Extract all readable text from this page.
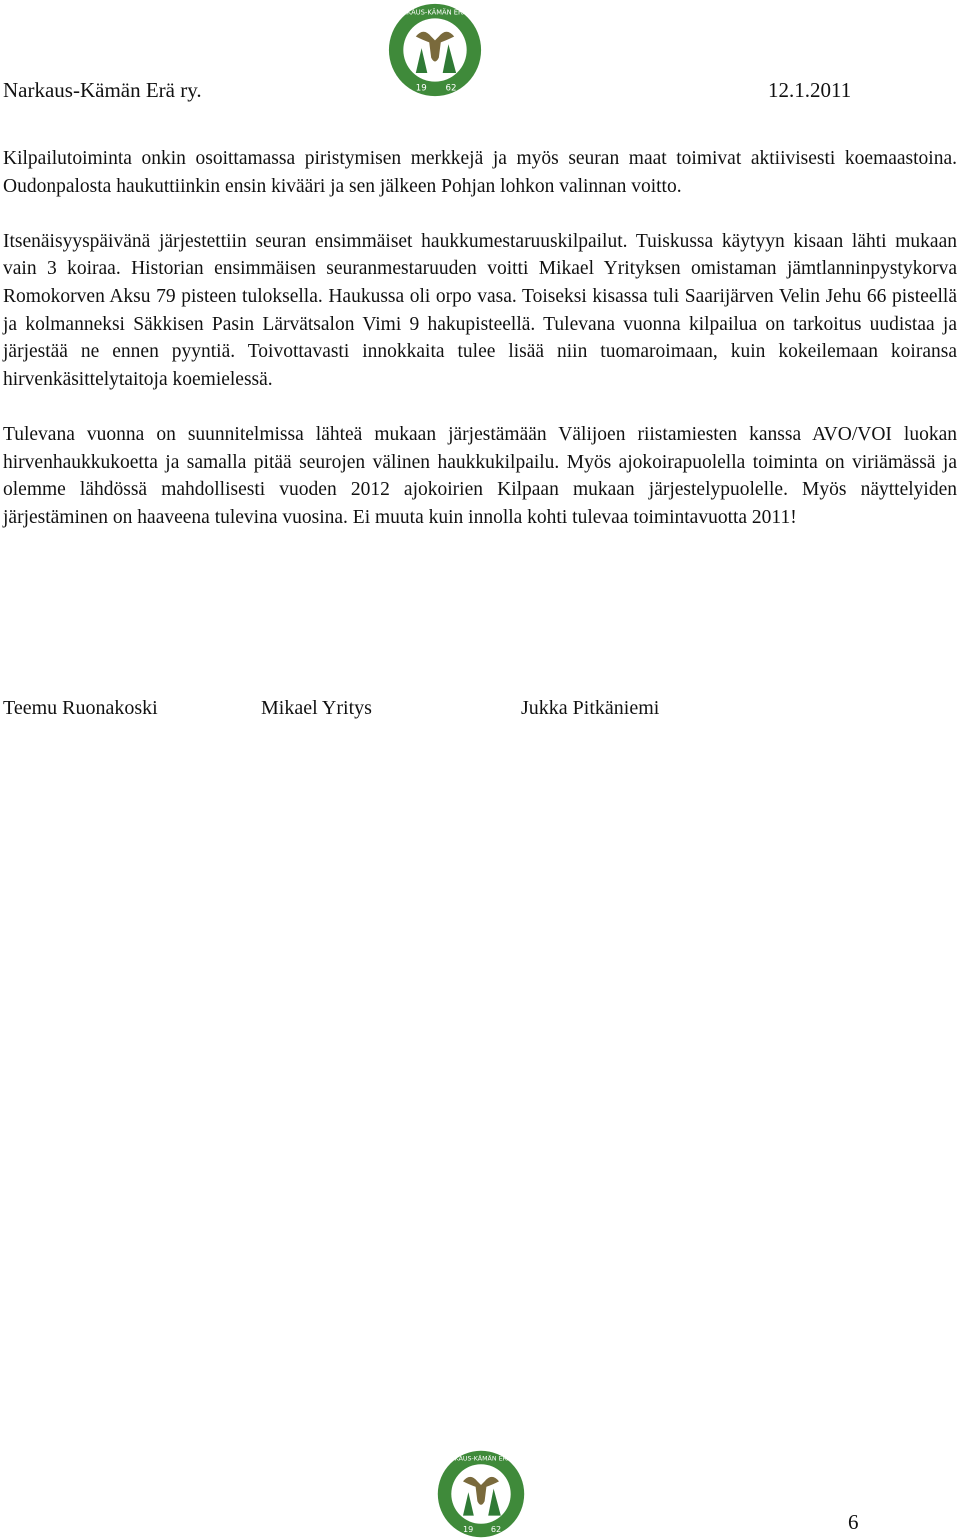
19 62
NARKAUS-KÄMÄN ERÄ RY
Narkaus-Kämän Erä ry.	12.1.2011

Kilpailutoiminta onkin osoittamassa piristymisen merkkejä ja myös seuran maat toimivat aktiivisesti koemaastoina. Oudonpalosta haukuttiinkin ensin kivääri ja sen jälkeen Pohjan lohkon valinnan voitto.

Itsenäisyyspäivänä järjestettiin seuran ensimmäiset haukkumestaruuskilpailut. Tuiskussa käytyyn kisaan lähti mukaan vain 3 koiraa. Historian ensimmäisen seuranmestaruuden voitti Mikael Yrityksen omistaman jämtlanninpystykorva Romokorven Aksu 79 pisteen tuloksella. Haukussa oli orpo vasa. Toiseksi kisassa tuli Saarijärven Velin Jehu 66 pisteellä ja kolmanneksi Säkkisen Pasin Lärvätsalon Vimi 9 hakupisteellä. Tulevana vuonna kilpailua on tarkoitus uudistaa ja järjestää ne ennen pyyntiä. Toivottavasti innokkaita tulee lisää niin tuomaroimaan, kuin kokeilemaan koiransa hirvenkäsittelytaitoja koemielessä.

Tulevana vuonna on suunnitelmissa lähteä mukaan järjestämään Välijoen riistamiesten kanssa AVO/VOI luokan hirvenhaukkukoetta ja samalla pitää seurojen välinen haukkukilpailu. Myös ajokoirapuolella toiminta on viriämässä ja olemme lähdössä mahdollisesti vuoden 2012 ajokoirien Kilpaan mukaan järjestelypuolelle. Myös näyttelyiden järjestäminen on haaveena tulevina vuosina. Ei muuta kuin innolla kohti tulevaa toimintavuotta 2011!

Teemu Ruonakoski	Mikael Yritys	Jukka Pitkäniemi
19 62
NARKAUS-KÄMÄN ERÄ RY
6
